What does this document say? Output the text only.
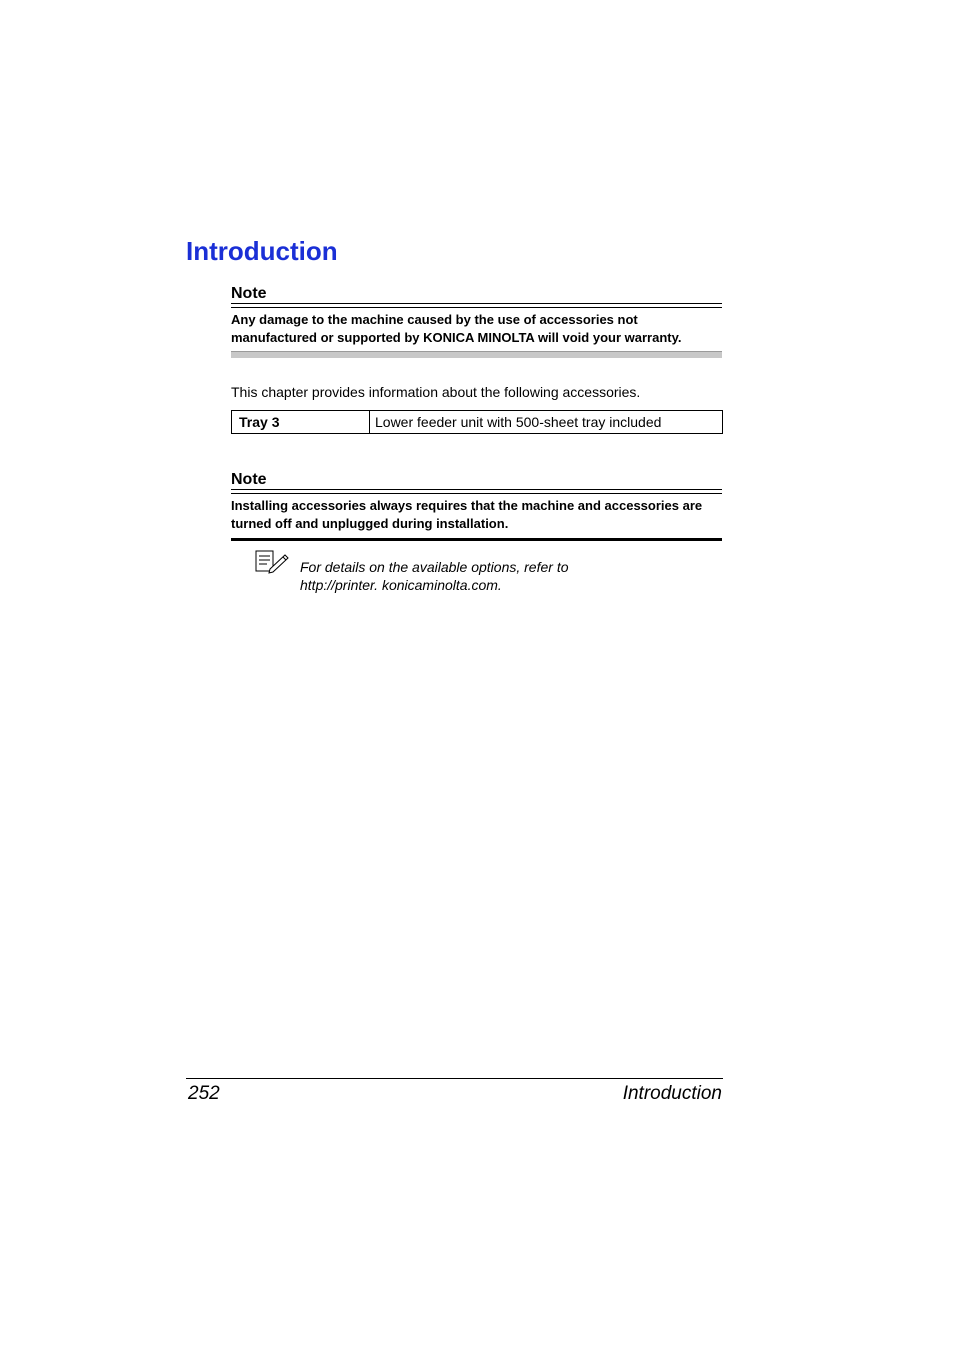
Introduction
Note
Any damage to the machine caused by the use of accessories not manufactured or supported by KONICA MINOLTA will void your warranty.
This chapter provides information about the following accessories.
Tray 3	Lower feeder unit with 500-sheet tray included
Note
Installing accessories always requires that the machine and accessories are turned off and unplugged during installation.
For details on the available options, refer to
http://printer. konicaminolta.com.
252	Introduction
